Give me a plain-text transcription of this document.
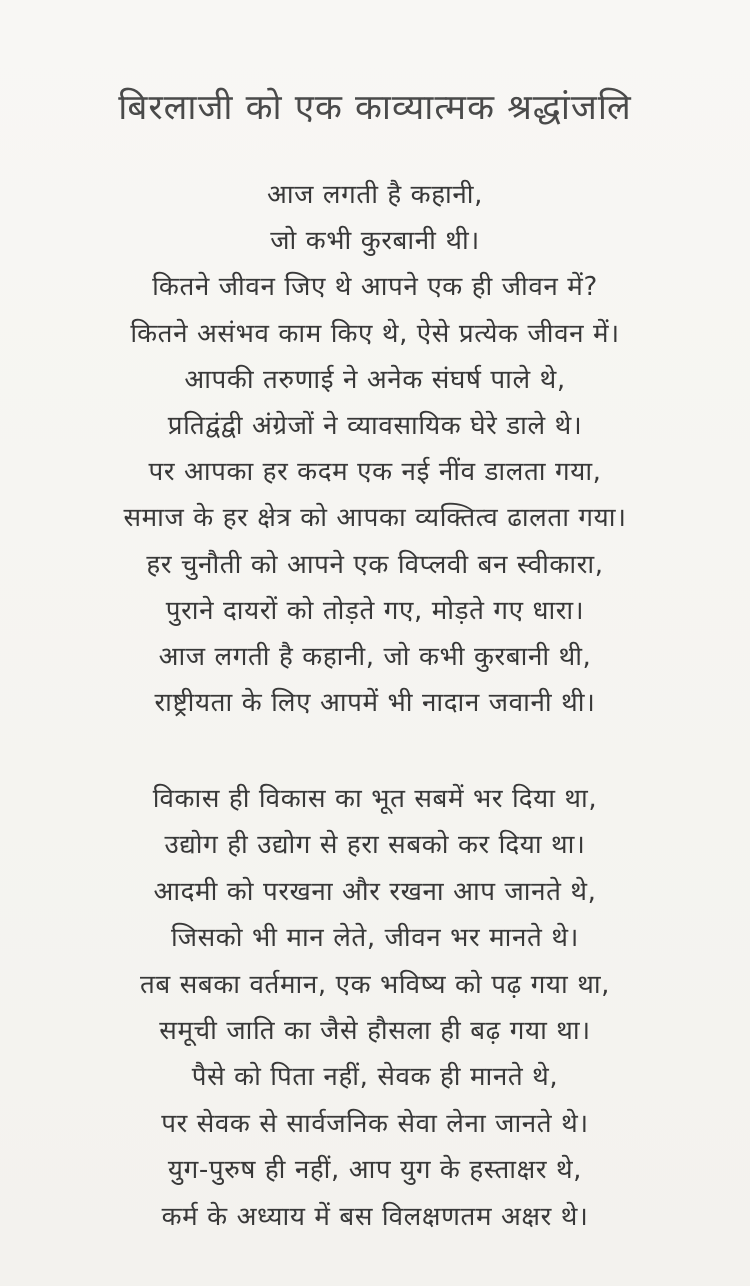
बिरलाजी को एक काव्यात्मक श्रद्धांजलि
आज लगती है कहानी,
जो कभी कुरबानी थी।
कितने जीवन जिए थे आपने एक ही जीवन में?
कितने असंभव काम किए थे, ऐसे प्रत्येक जीवन में।
आपकी तरुणाई ने अनेक संघर्ष पाले थे,
प्रतिद्वंद्वी अंग्रेजों ने व्यावसायिक घेरे डाले थे।
पर आपका हर कदम एक नई नींव डालता गया,
समाज के हर क्षेत्र को आपका व्यक्तित्व ढालता गया।
हर चुनौती को आपने एक विप्लवी बन स्वीकारा,
पुराने दायरों को तोड़ते गए, मोड़ते गए धारा।
आज लगती है कहानी, जो कभी कुरबानी थी,
राष्ट्रीयता के लिए आपमें भी नादान जवानी थी।
विकास ही विकास का भूत सबमें भर दिया था,
उद्योग ही उद्योग से हरा सबको कर दिया था।
आदमी को परखना और रखना आप जानते थे,
जिसको भी मान लेते, जीवन भर मानते थे।
तब सबका वर्तमान, एक भविष्य को पढ़ गया था,
समूची जाति का जैसे हौसला ही बढ़ गया था।
पैसे को पिता नहीं, सेवक ही मानते थे,
पर सेवक से सार्वजनिक सेवा लेना जानते थे।
युग-पुरुष ही नहीं, आप युग के हस्ताक्षर थे,
कर्म के अध्याय में बस विलक्षणतम अक्षर थे।
